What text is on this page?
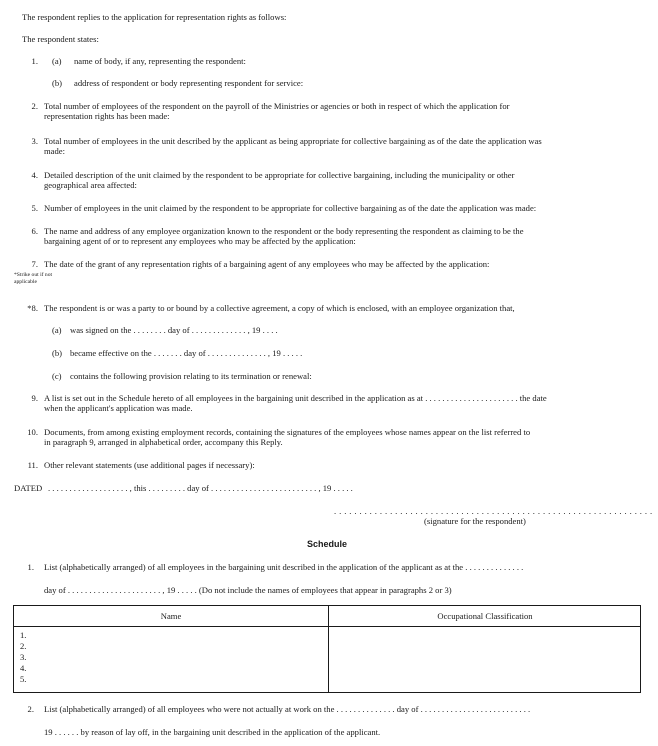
The respondent replies to the application for representation rights as follows:
The respondent states:
1. (a) name of body, if any, representing the respondent:
(b) address of respondent or body representing respondent for service:
2. Total number of employees of the respondent on the payroll of the Ministries or agencies or both in respect of which the application for
representation rights has been made:
3. Total number of employees in the unit described by the applicant as being appropriate for collective bargaining as of the date the application was
made:
4. Detailed description of the unit claimed by the respondent to be appropriate for collective bargaining, including the municipality or other
geographical area affected:
5. Number of employees in the unit claimed by the respondent to be appropriate for collective bargaining as of the date the application was made:
6. The name and address of any employee organization known to the respondent or the body representing the respondent as claiming to be the
bargaining agent of or to represent any employees who may be affected by the application:
7. The date of the grant of any representation rights of a bargaining agent of any employees who may be affected by the application:
*Strike out if not
applicable
*8. The respondent is or was a party to or bound by a collective agreement, a copy of which is enclosed, with an employee organization that,
(a) was signed on the . . . . . . . . day of . . . . . . . . . . . . . , 19 . . . .
(b) became effective on the . . . . . . . day of . . . . . . . . . . . . . . , 19 . . . . .
(c) contains the following provision relating to its termination or renewal:
9. A list is set out in the Schedule hereto of all employees in the bargaining unit described in the application as at . . . . . . . . . . . . . . . . . . . . . . the date
when the applicant's application was made.
10. Documents, from among existing employment records, containing the signatures of the employees whose names appear on the list referred to
in paragraph 9, arranged in alphabetical order, accompany this Reply.
11. Other relevant statements (use additional pages if necessary):
DATED . . . . . . . . . . . . . . . . . . . , this . . . . . . . . . day of . . . . . . . . . . . . . . . . . . . . . . . . . , 19 . . . . .
. . . . . . . . . . . . . . . . . . . . . . . . . . . . . . . . . . . . . . . . . . . . . . . . . . . . . . . . . . . . . . .
(signature for the respondent)
Schedule
1. List (alphabetically arranged) of all employees in the bargaining unit described in the application of the applicant as at the . . . . . . . . . . . . . .
day of . . . . . . . . . . . . . . . . . . . . . . , 19 . . . . . (Do not include the names of employees that appear in paragraphs 2 or 3)
Name	Occupational Classification
1.
2.
3.
4.
5.
2. List (alphabetically arranged) of all employees who were not actually at work on the . . . . . . . . . . . . . . day of . . . . . . . . . . . . . . . . . . . . . . . . . .
19 . . . . . . by reason of lay off, in the bargaining unit described in the application of the applicant.
